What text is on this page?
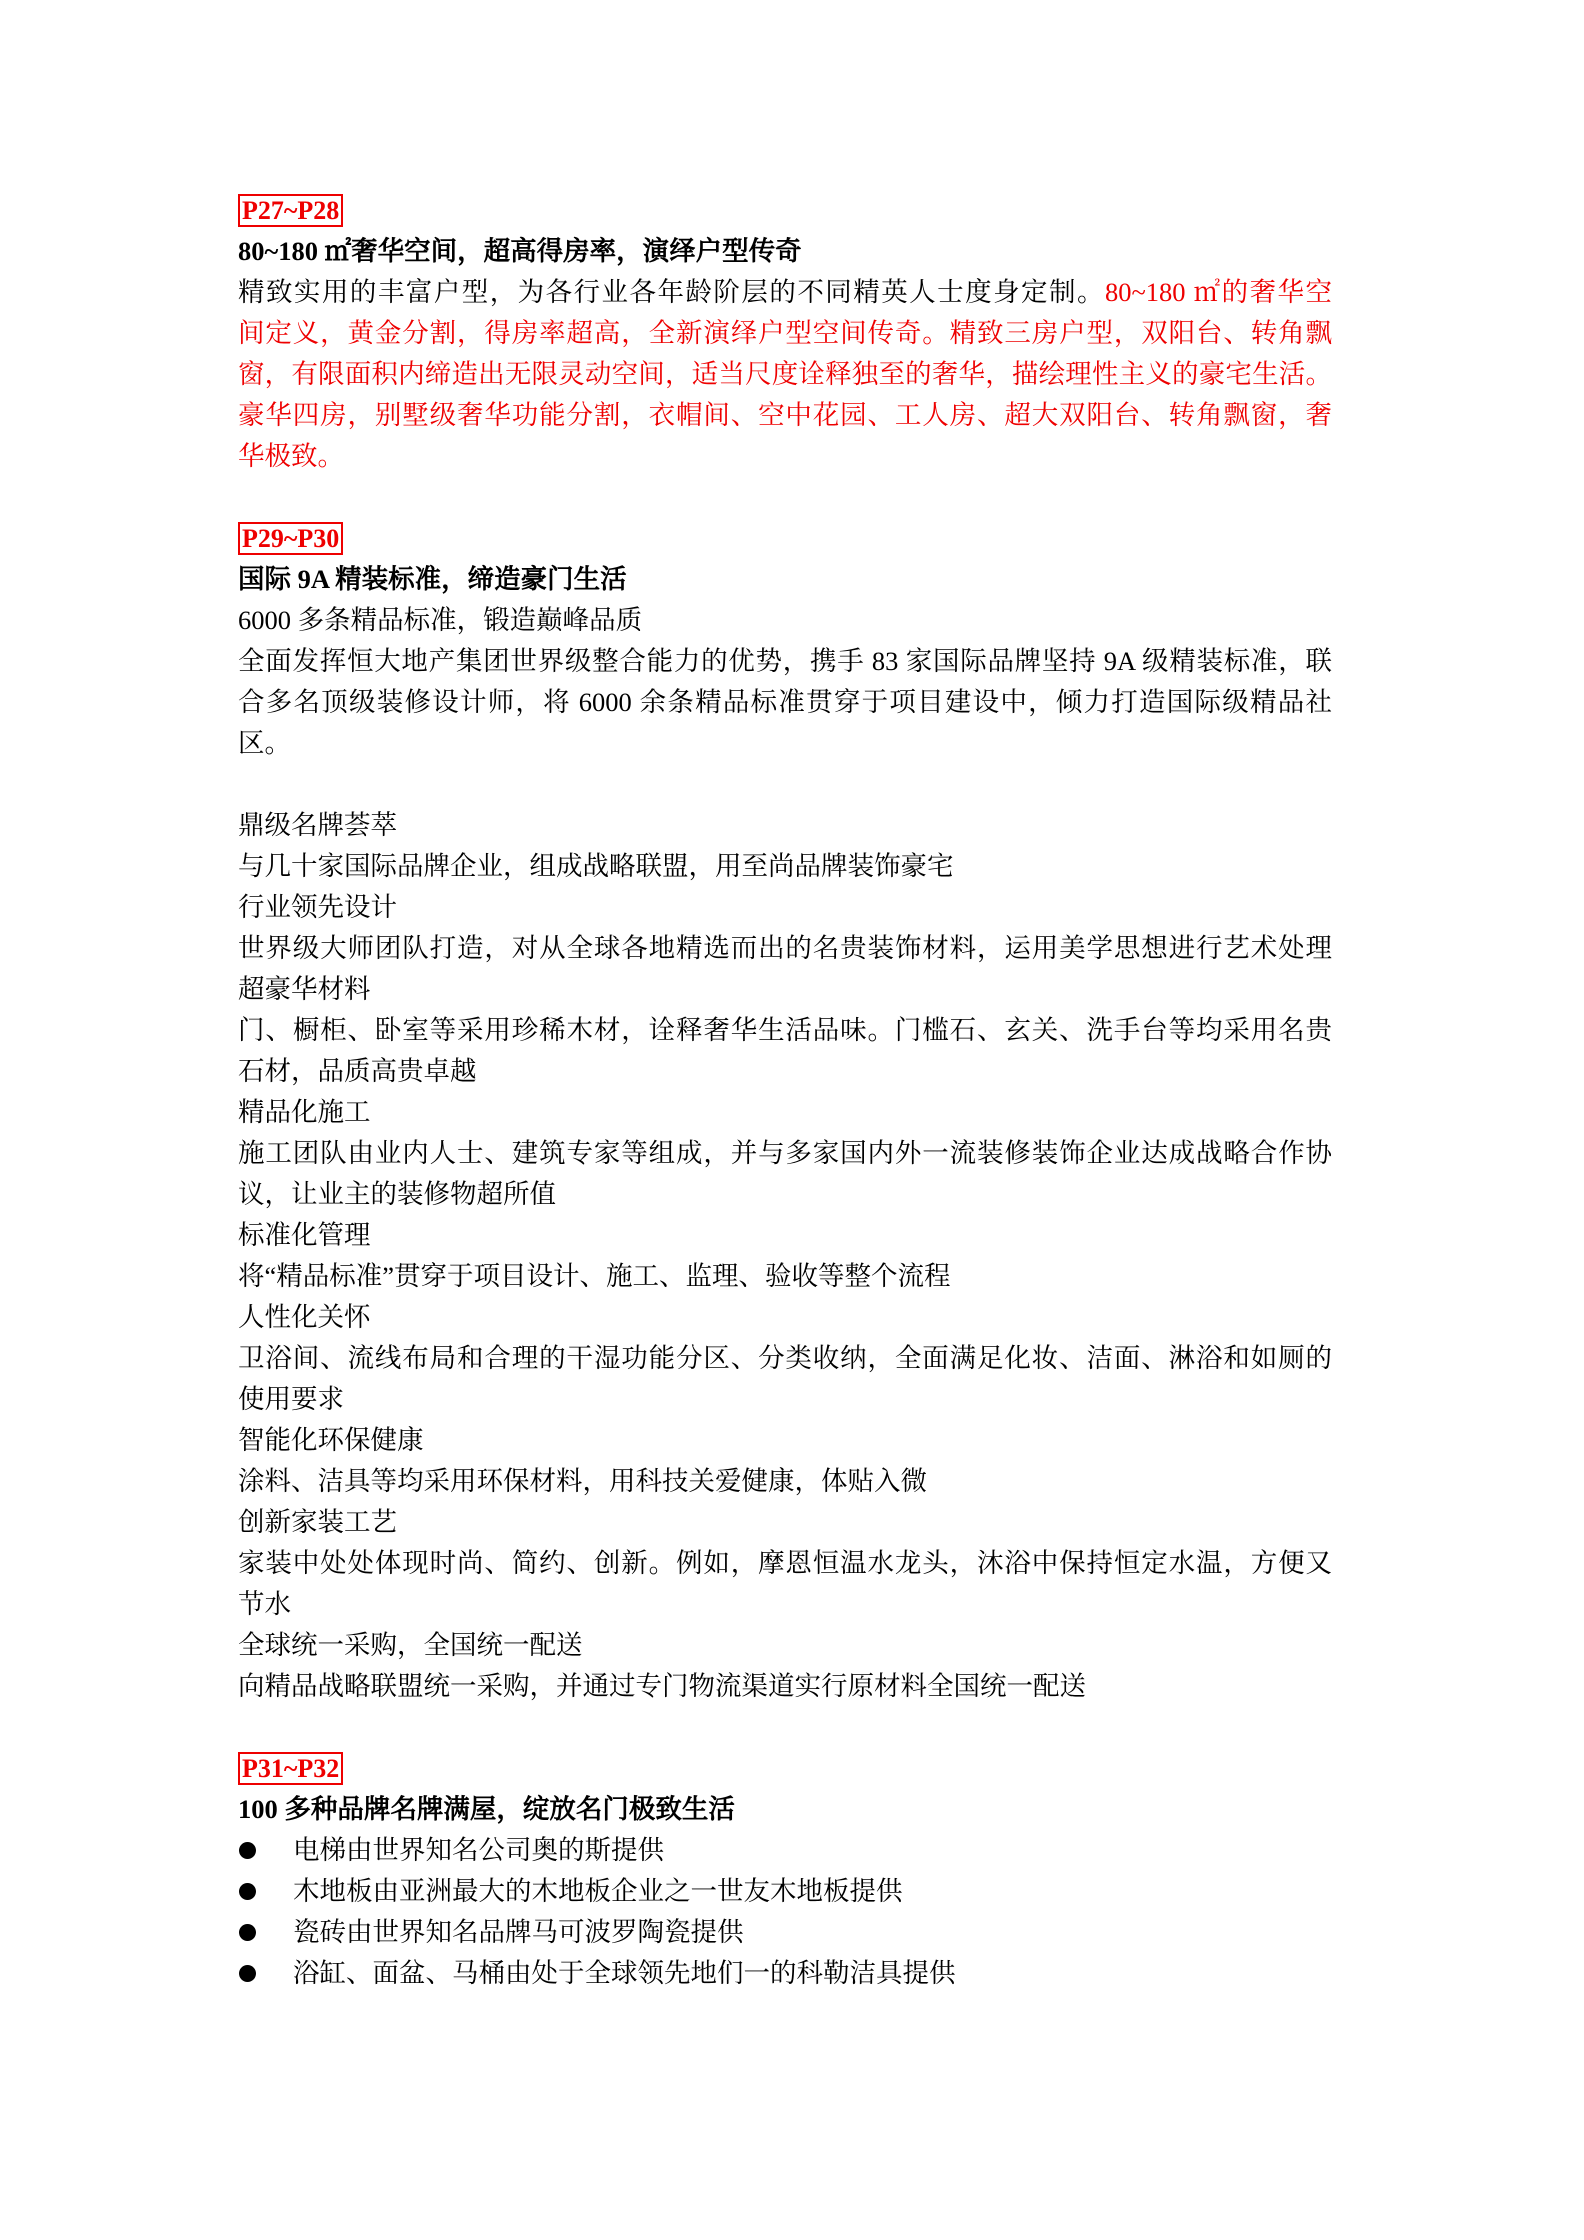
P27~P28
80~180 ㎡奢华空间，超高得房率，演绎户型传奇
精致实用的丰富户型，为各行业各年龄阶层的不同精英人士度身定制。80~180 ㎡的奢华空
间定义，黄金分割，得房率超高，全新演绎户型空间传奇。精致三房户型，双阳台、转角飘
窗，有限面积内缔造出无限灵动空间，适当尺度诠释独至的奢华，描绘理性主义的豪宅生活。
豪华四房，别墅级奢华功能分割，衣帽间、空中花园、工人房、超大双阳台、转角飘窗，奢
华极致。
P29~P30
国际 9A 精装标准，缔造豪门生活
6000 多条精品标准，锻造巅峰品质
全面发挥恒大地产集团世界级整合能力的优势，携手 83 家国际品牌坚持 9A 级精装标准，联
合多名顶级装修设计师，将 6000 余条精品标准贯穿于项目建设中，倾力打造国际级精品社
区。
鼎级名牌荟萃
与几十家国际品牌企业，组成战略联盟，用至尚品牌装饰豪宅
行业领先设计
世界级大师团队打造，对从全球各地精选而出的名贵装饰材料，运用美学思想进行艺术处理
超豪华材料
门、橱柜、卧室等采用珍稀木材，诠释奢华生活品味。门槛石、玄关、洗手台等均采用名贵
石材，品质高贵卓越
精品化施工
施工团队由业内人士、建筑专家等组成，并与多家国内外一流装修装饰企业达成战略合作协
议，让业主的装修物超所值
标准化管理
将“精品标准”贯穿于项目设计、施工、监理、验收等整个流程
人性化关怀
卫浴间、流线布局和合理的干湿功能分区、分类收纳，全面满足化妆、洁面、淋浴和如厕的
使用要求
智能化环保健康
涂料、洁具等均采用环保材料，用科技关爱健康，体贴入微
创新家装工艺
家装中处处体现时尚、简约、创新。例如，摩恩恒温水龙头，沐浴中保持恒定水温，方便又
节水
全球统一采购，全国统一配送
向精品战略联盟统一采购，并通过专门物流渠道实行原材料全国统一配送
P31~P32
100 多种品牌名牌满屋，绽放名门极致生活
电梯由世界知名公司奥的斯提供
木地板由亚洲最大的木地板企业之一世友木地板提供
瓷砖由世界知名品牌马可波罗陶瓷提供
浴缸、面盆、马桶由处于全球领先地们一的科勒洁具提供
